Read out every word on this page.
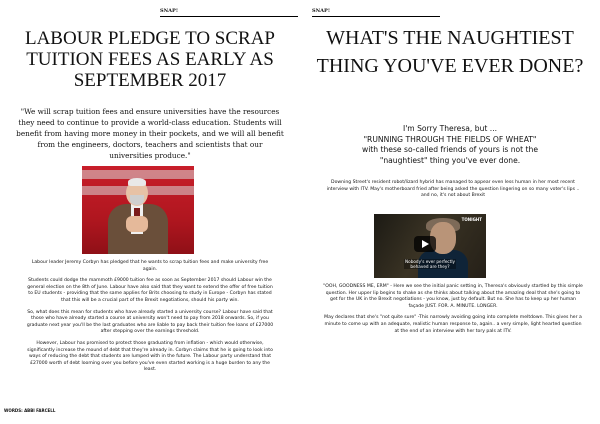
SNAP!
LABOUR PLEDGE TO SCRAP TUITION FEES AS EARLY AS SEPTEMBER 2017
"We will scrap tuition fees and ensure universities have the resources they need to continue to provide a world-class education. Students will benefit from having more money in their pockets, and we will all benefit from the engineers, doctors, teachers and scientists that our universities produce."

Labour leader Jeremy Corbyn has pledged that he wants to scrap tuition fees and make university free again.

Students could dodge the mammoth £9000 tuition fee as soon as September 2017 should Labour win the general election on the 8th of June. Labour have also said that they want to extend the offer of free tuition to EU students - providing that the same applies for Brits choosing to study in Europe - Corbyn has stated that this will be a crucial part of the Brexit negotiations, should his party win.

So, what does this mean for students who have already started a university course? Labour have said that those who have already started a course at university won't need to pay from 2018 onwards. So, if you graduate next year you'll be the last graduates who are liable to pay back their tuition fee loans of £27000 after stepping over the earnings threshold.

However, Labour has promised to protect those graduating from inflation - which would otherwise, significantly increase the mound of debt that they're already in. Corbyn claims that he is going to look into ways of reducing the debt that students are lumped with in the future. The Labour party understand that £27000 worth of debt looming over you before you've even started working is a huge burden to any the least.

WORDS: ABBI FARCELL
SNAP!
WHAT'S THE NAUGHTIEST THING YOU'VE EVER DONE?
I'm Sorry Theresa, but ...
"RUNNING THROUGH THE FIELDS OF WHEAT"
with these so-called friends of yours is not the
"naughtiest" thing you've ever done.

Downing Street's resident robot/lizard hybrid has managed to appear even less human in her most recent interview with ITV. May's motherboard fried after being asked the question lingering on so many voter's lips .. and no, it's not about Brexit

TONIGHT
Nobody's ever perfectly behaved are they?

"OOH, GOODNESS ME, ERM" - Here we see the initial panic setting in, Theresa's obviously startled by this simple question. Her upper lip begins to shake as she thinks about talking about the amazing deal that she's going to get for the UK in the Brexit negotiations - you know, just by default. But no. She has to keep up her human façade JUST. FOR. A. MINUTE. LONGER.

May declares that she's "not quite sure" -This narrowly avoiding going into complete meltdown. This gives her a minute to come up with an adequate, realistic human response to, again.. a very simple, light hearted question at the end of an interview with her tory pals at ITV.
